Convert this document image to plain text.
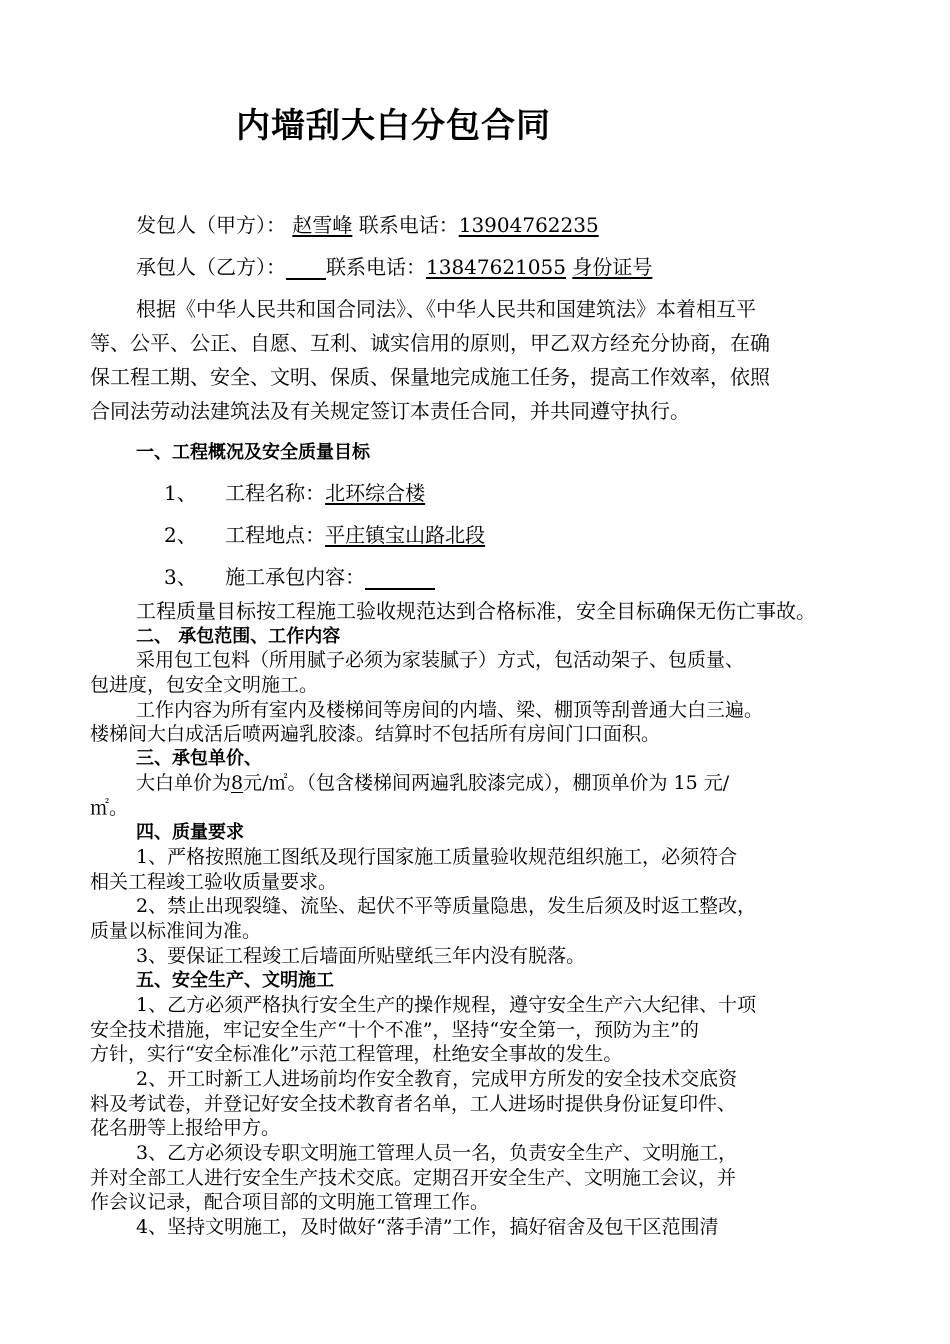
内墙刮大白分包合同
发包人（甲方）： 赵雪峰 联系电话：13904762235
承包人（乙方）： 联系电话：13847621055 身份证号
根据《中华人民共和国合同法》、《中华人民共和国建筑法》本着相互平
等、公平、公正、自愿、互利、诚实信用的原则，甲乙双方经充分协商，在确
保工程工期、安全、文明、保质、保量地完成施工任务，提高工作效率，依照
合同法劳动法建筑法及有关规定签订本责任合同，并共同遵守执行。
一、工程概况及安全质量目标
1、 工程名称：北环综合楼
2、 工程地点：平庄镇宝山路北段
3、 施工承包内容：
工程质量目标按工程施工验收规范达到合格标准，安全目标确保无伤亡事故。
二、 承包范围、工作内容
采用包工包料（所用腻子必须为家装腻子）方式，包活动架子、包质量、
包进度，包安全文明施工。
工作内容为所有室内及楼梯间等房间的内墙、梁、棚顶等刮普通大白三遍。
楼梯间大白成活后喷两遍乳胶漆。结算时不包括所有房间门口面积。
三、承包单价、
大白单价为8元/㎡。（包含楼梯间两遍乳胶漆完成），棚顶单价为 15 元/
㎡。
四、质量要求
1、严格按照施工图纸及现行国家施工质量验收规范组织施工，必须符合
相关工程竣工验收质量要求。
2、禁止出现裂缝、流坠、起伏不平等质量隐患，发生后须及时返工整改，
质量以标准间为准。
3、要保证工程竣工后墙面所贴壁纸三年内没有脱落。
五、安全生产、文明施工
1、乙方必须严格执行安全生产的操作规程，遵守安全生产六大纪律、十项
安全技术措施，牢记安全生产“十个不准”，坚持“安全第一，预防为主”的
方针，实行“安全标准化”示范工程管理，杜绝安全事故的发生。
2、开工时新工人进场前均作安全教育，完成甲方所发的安全技术交底资
料及考试卷，并登记好安全技术教育者名单，工人进场时提供身份证复印件、
花名册等上报给甲方。
3、乙方必须设专职文明施工管理人员一名，负责安全生产、文明施工，
并对全部工人进行安全生产技术交底。定期召开安全生产、文明施工会议，并
作会议记录，配合项目部的文明施工管理工作。
4、坚持文明施工，及时做好“落手清”工作，搞好宿舍及包干区范围清
